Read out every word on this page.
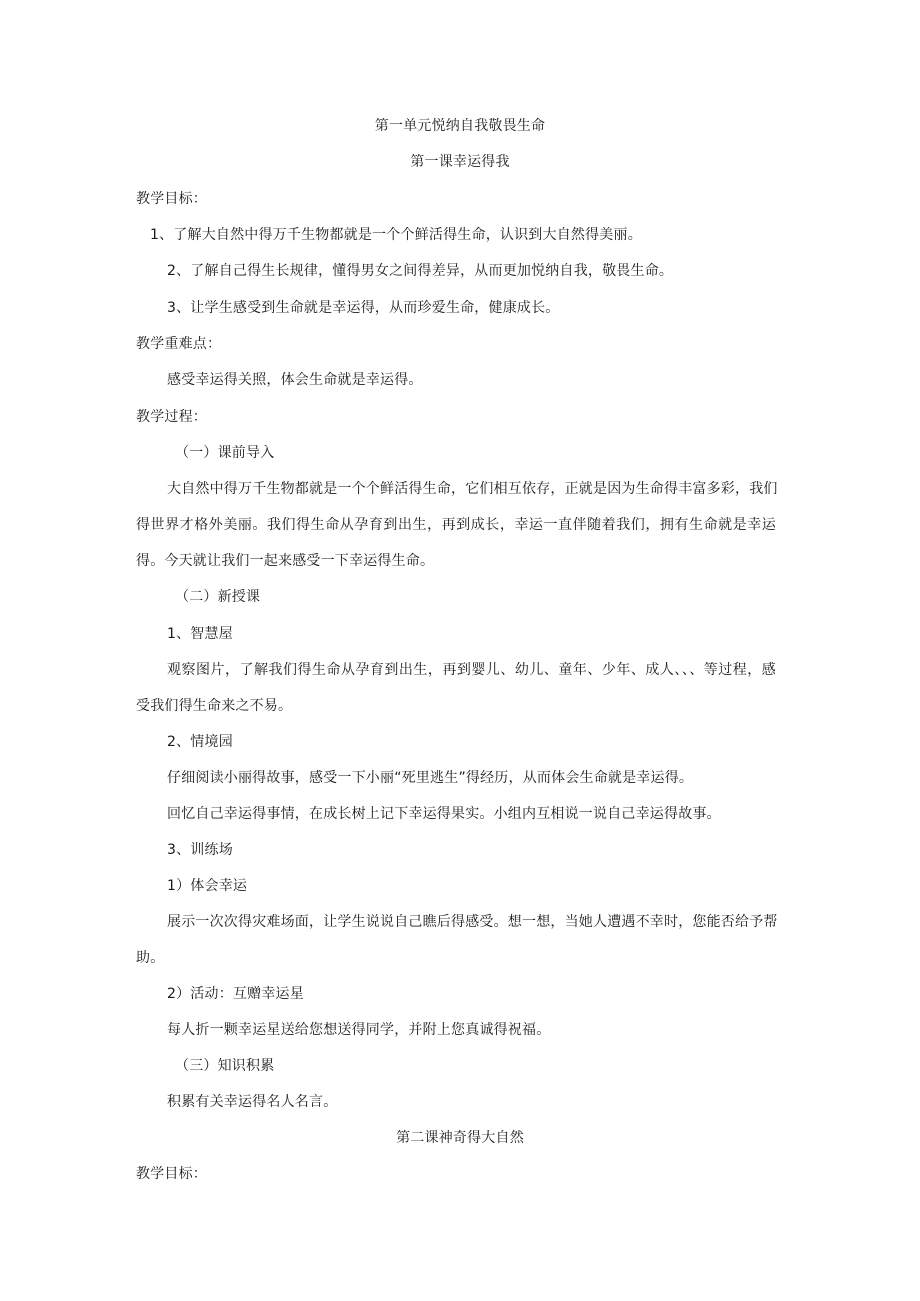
第一单元悦纳自我敬畏生命
第一课幸运得我
教学目标：
1、了解大自然中得万千生物都就是一个个鲜活得生命，认识到大自然得美丽。
2、了解自己得生长规律，懂得男女之间得差异，从而更加悦纳自我，敬畏生命。
3、让学生感受到生命就是幸运得，从而珍爱生命，健康成长。
教学重难点：
感受幸运得关照，体会生命就是幸运得。
教学过程：
（一）课前导入
大自然中得万千生物都就是一个个鲜活得生命，它们相互依存，正就是因为生命得丰富多彩，我们
得世界才格外美丽。我们得生命从孕育到出生，再到成长，幸运一直伴随着我们，拥有生命就是幸运
得。今天就让我们一起来感受一下幸运得生命。
（二）新授课
1、智慧屋
观察图片，了解我们得生命从孕育到出生，再到婴儿、幼儿、童年、少年、成人、、、等过程，感
受我们得生命来之不易。
2、情境园
仔细阅读小丽得故事，感受一下小丽“死里逃生”得经历，从而体会生命就是幸运得。
回忆自己幸运得事情，在成长树上记下幸运得果实。小组内互相说一说自己幸运得故事。
3、训练场
1）体会幸运
展示一次次得灾难场面，让学生说说自己瞧后得感受。想一想，当她人遭遇不幸时，您能否给予帮
助。
2）活动：互赠幸运星
每人折一颗幸运星送给您想送得同学，并附上您真诚得祝福。
（三）知识积累
积累有关幸运得名人名言。
第二课神奇得大自然
教学目标：
